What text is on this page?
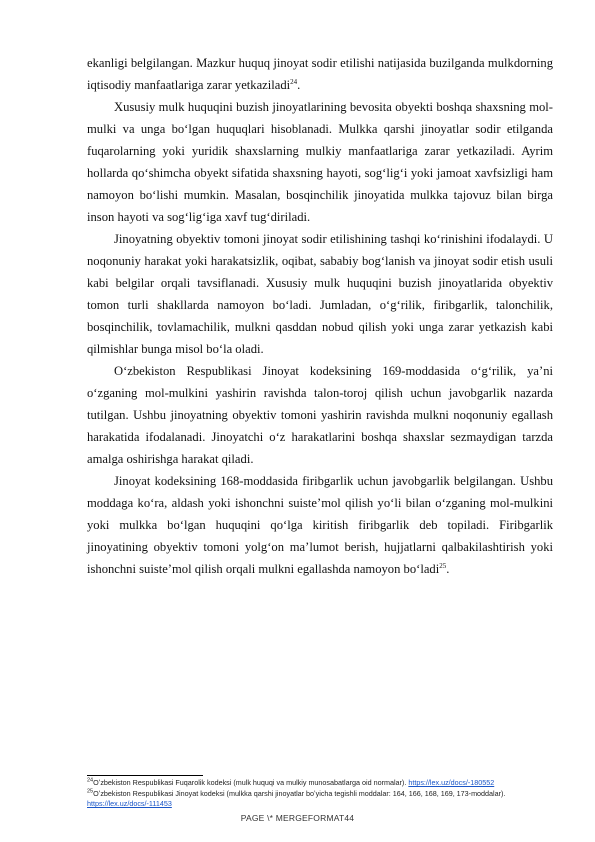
ekanligi belgilangan. Mazkur huquq jinoyat sodir etilishi natijasida buzilganda mulkdorning iqtisodiy manfaatlariga zarar yetkaziladi$^{24}$.

Xususiy mulk huquqini buzish jinoyatlarining bevosita obyekti boshqa shaxsning mol-mulki va unga boʻlgan huquqlari hisoblanadi. Mulkka qarshi jinoyatlar sodir etilganda fuqarolarning yoki yuridik shaxslarning mulkiy manfaatlariga zarar yetkaziladi. Ayrim hollarda qoʻshimcha obyekt sifatida shaxsning hayoti, sogʻligʻi yoki jamoat xavfsizligi ham namoyon boʻlishi mumkin. Masalan, bosqinchilik jinoyatida mulkka tajovuz bilan birga inson hayoti va sogʻligʻiga xavf tugʻdiriladi.

Jinoyatning obyektiv tomoni jinoyat sodir etilishining tashqi koʻrinishini ifodalaydi. U noqonuniy harakat yoki harakatsizlik, oqibat, sababiy bogʻlanish va jinoyat sodir etish usuli kabi belgilar orqali tavsiflanadi. Xususiy mulk huquqini buzish jinoyatlarida obyektiv tomon turli shakllarda namoyon boʻladi. Jumladan, oʻgʻrilik, firibgarlik, talonchilik, bosqinchilik, tovlamachilik, mulkni qasddan nobud qilish yoki unga zarar yetkazish kabi qilmishlar bunga misol boʻla oladi.

Oʻzbekiston Respublikasi Jinoyat kodeksining 169-moddasida oʻgʻrilik, yaʼni oʻzganing mol-mulkini yashirin ravishda talon-toroj qilish uchun javobgarlik nazarda tutilgan. Ushbu jinoyatning obyektiv tomoni yashirin ravishda mulkni noqonuniy egallash harakatida ifodalanadi. Jinoyatchi oʻz harakatlarini boshqa shaxslar sezmaydigan tarzda amalga oshirishga harakat qiladi.

Jinoyat kodeksining 168-moddasida firibgarlik uchun javobgarlik belgilangan. Ushbu moddaga koʻra, aldash yoki ishonchni suisteʼmol qilish yoʻli bilan oʻzganing mol-mulkini yoki mulkka boʻlgan huquqini qoʻlga kiritish firibgarlik deb topiladi. Firibgarlik jinoyatining obyektiv tomoni yolgʻon maʼlumot berish, hujjatlarni qalbakilashtirish yoki ishonchni suisteʼmol qilish orqali mulkni egallashda namoyon boʻladi$^{25}$.

$^{24}$Oʻzbekiston Respublikasi Fuqarolik kodeksi (mulk huquqi va mulkiy munosabatlarga oid normalar). https://lex.uz/docs/-180552

$^{25}$Oʻzbekiston Respublikasi Jinoyat kodeksi (mulkka qarshi jinoyatlar boʻyicha tegishli moddalar: 164, 166, 168, 169, 173-moddalar). https://lex.uz/docs/-111453

PAGE \* MERGEFORMAT44
